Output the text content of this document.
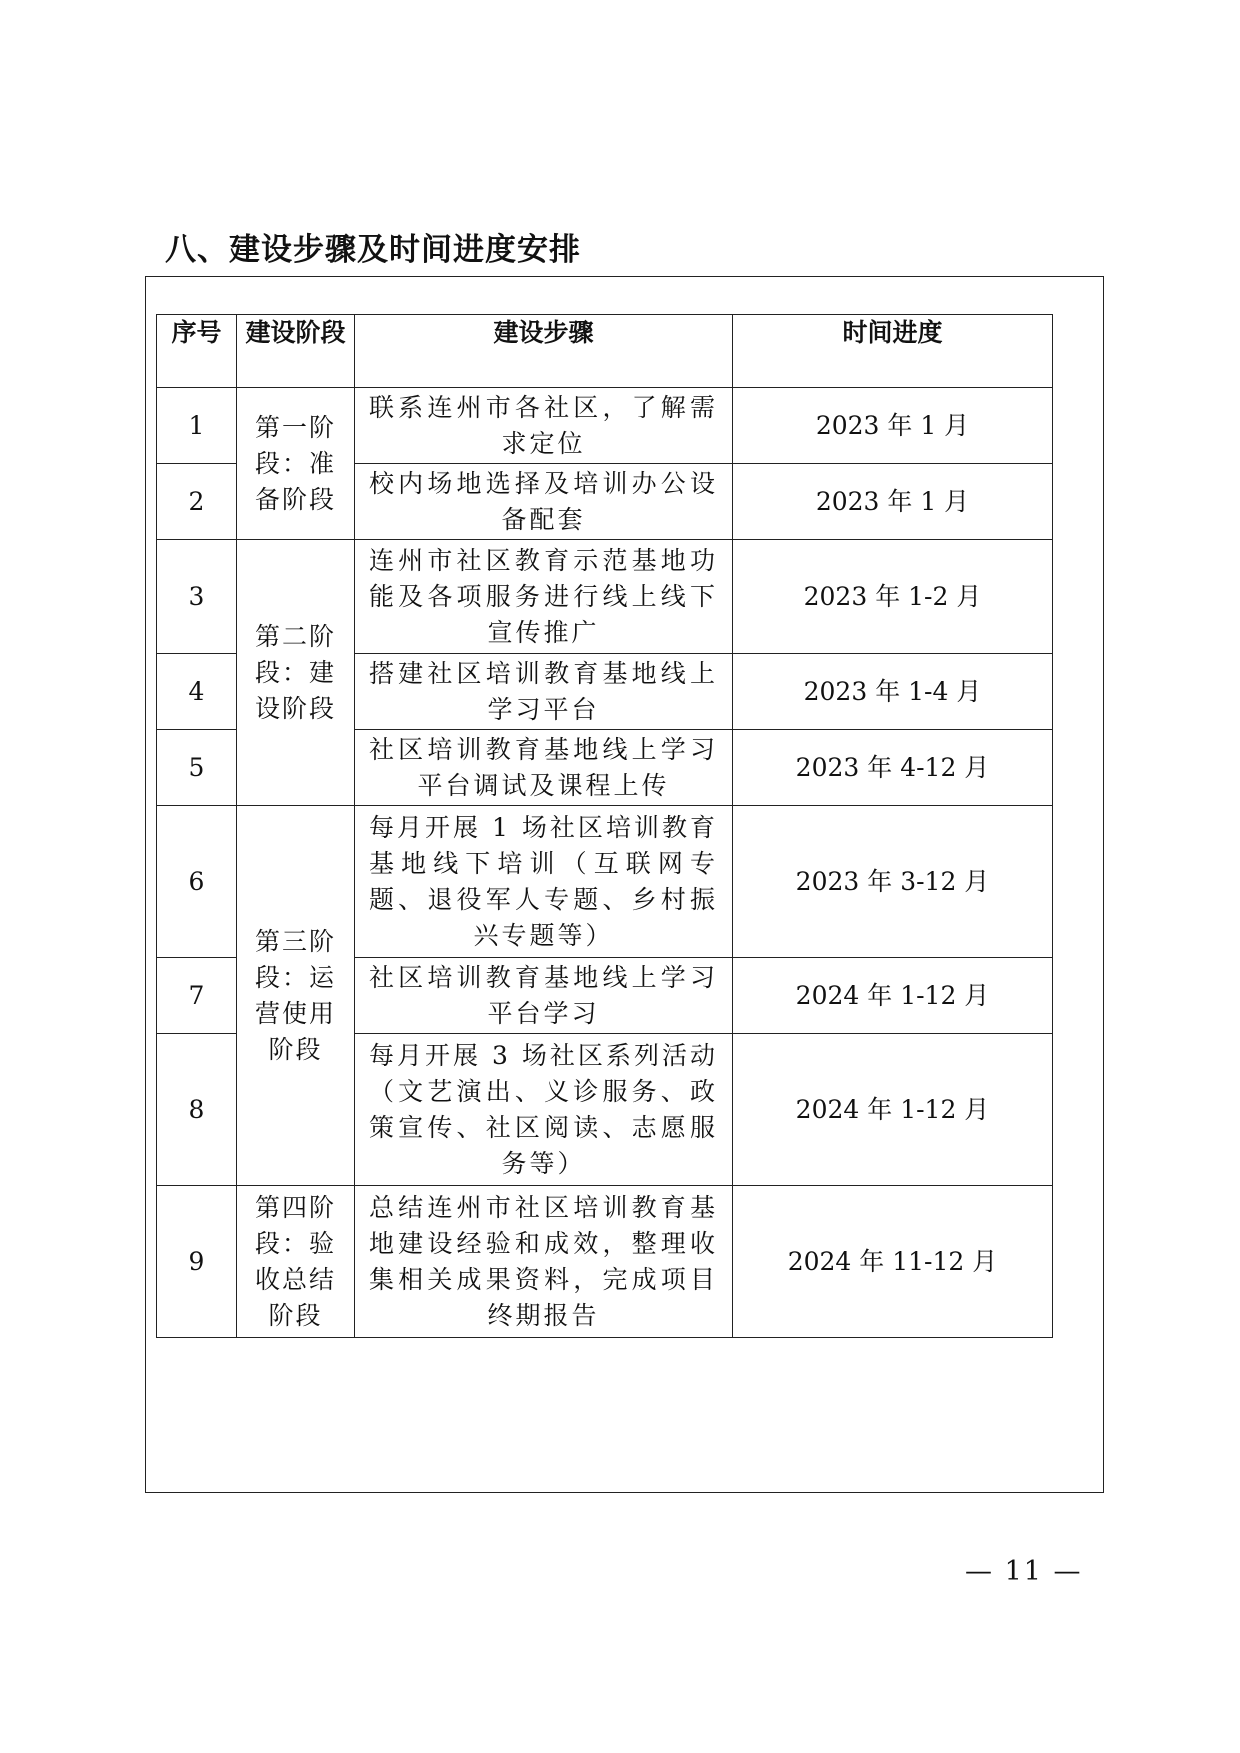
八、建设步骤及时间进度安排
序号	建设阶段	建设步骤	时间进度
1	第一阶段：准备阶段	联系连州市各社区，了解需求定位	2023 年 1 月
2		校内场地选择及培训办公设备配套	2023 年 1 月
3	第二阶段：建设阶段	连州市社区教育示范基地功能及各项服务进行线上线下宣传推广	2023 年 1-2 月
4		搭建社区培训教育基地线上学习平台	2023 年 1-4 月
5		社区培训教育基地线上学习平台调试及课程上传	2023 年 4-12 月
6	第三阶段：运营使用阶段	每月开展 1 场社区培训教育基地线下培训（互联网专题、退役军人专题、乡村振兴专题等）	2023 年 3-12 月
7		社区培训教育基地线上学习平台学习	2024 年 1-12 月
8		每月开展 3 场社区系列活动（文艺演出、义诊服务、政策宣传、社区阅读、志愿服务等）	2024 年 1-12 月
9	第四阶段：验收总结阶段	总结连州市社区培训教育基地建设经验和成效，整理收集相关成果资料，完成项目终期报告	2024 年 11-12 月
— 11 —
